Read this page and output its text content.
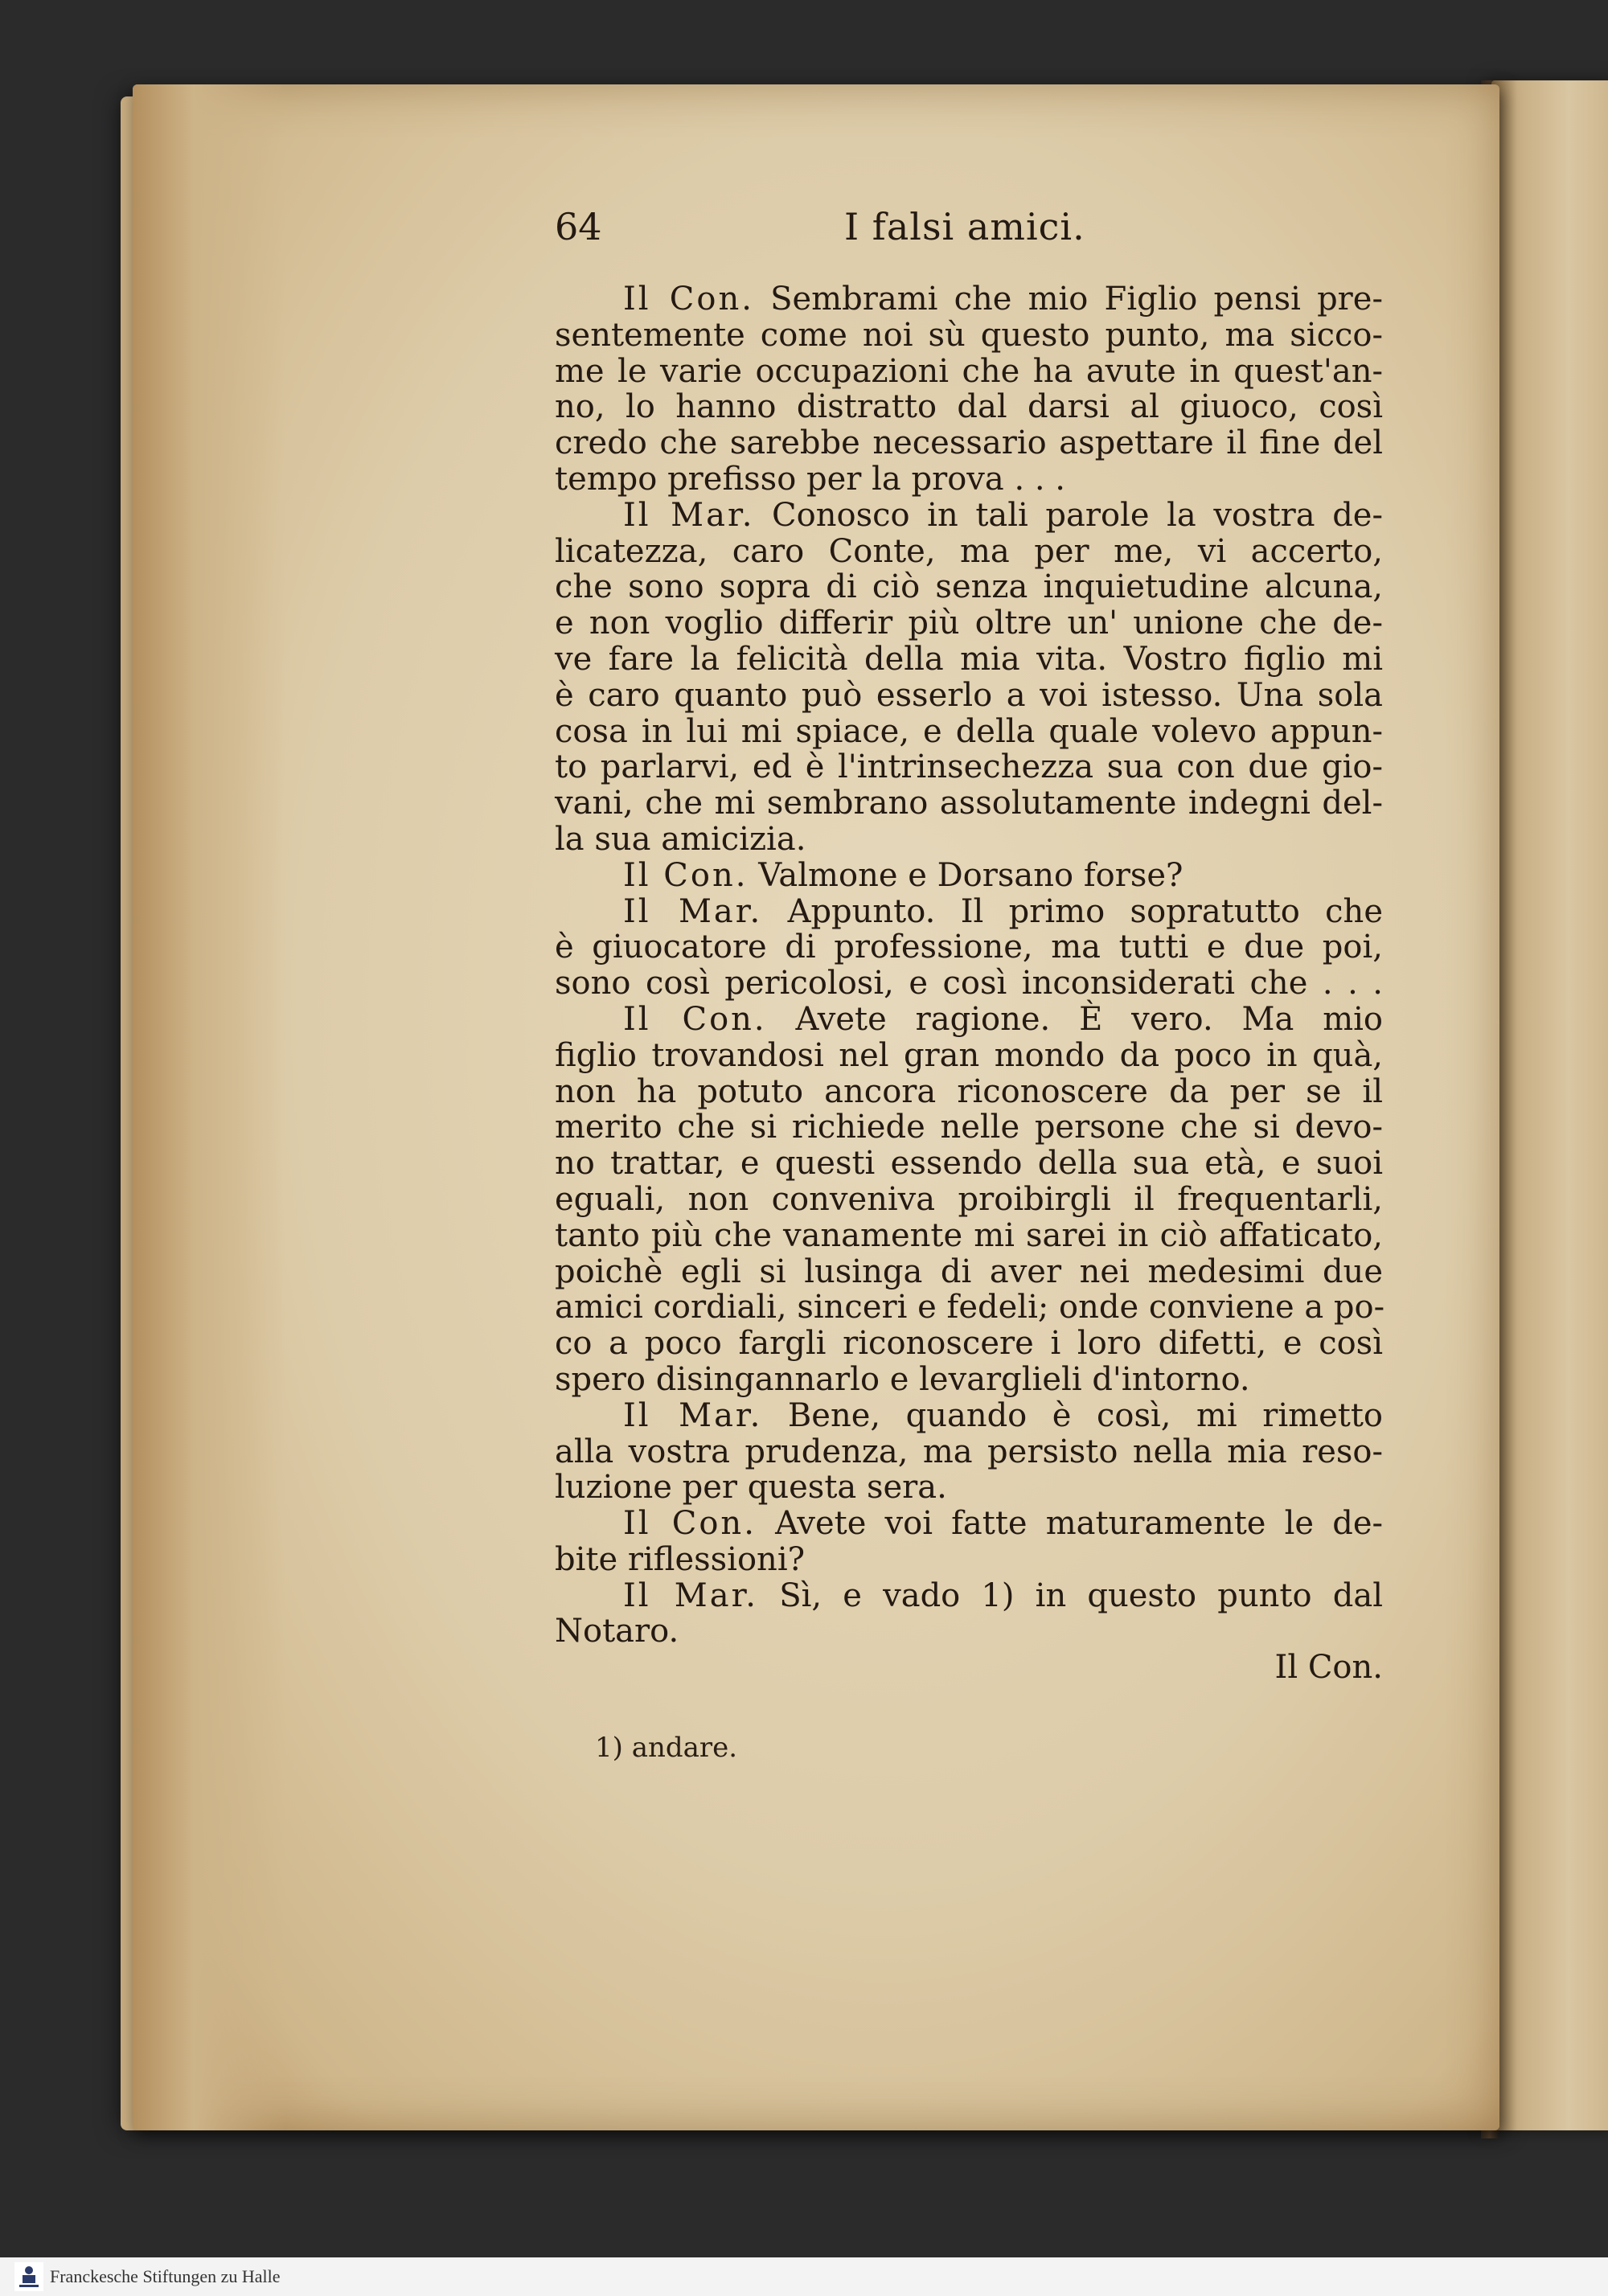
64	I falsi amici.
Il Con. Sembrami che mio Figlio pensi pre-
sentemente come noi sù questo punto, ma sicco-
me le varie occupazioni che ha avute in quest'an-
no, lo hanno distratto dal darsi al giuoco, così
credo che sarebbe necessario aspettare il fine del
tempo prefisso per la prova . . .
Il Mar. Conosco in tali parole la vostra de-
licatezza, caro Conte, ma per me, vi accerto,
che sono sopra di ciò senza inquietudine alcuna,
e non voglio differir più oltre un' unione che de-
ve fare la felicità della mia vita. Vostro figlio mi
è caro quanto può esserlo a voi istesso. Una sola
cosa in lui mi spiace, e della quale volevo appun-
to parlarvi, ed è l'intrinsechezza sua con due gio-
vani, che mi sembrano assolutamente indegni del-
la sua amicizia.
Il Con. Valmone e Dorsano forse?
Il Mar. Appunto. Il primo sopratutto che
è giuocatore di professione, ma tutti e due poi,
sono così pericolosi, e così inconsiderati che . . .
Il Con. Avete ragione. È vero. Ma mio
figlio trovandosi nel gran mondo da poco in quà,
non ha potuto ancora riconoscere da per se il
merito che si richiede nelle persone che si devo-
no trattar, e questi essendo della sua età, e suoi
eguali, non conveniva proibirgli il frequentarli,
tanto più che vanamente mi sarei in ciò affaticato,
poichè egli si lusinga di aver nei medesimi due
amici cordiali, sinceri e fedeli; onde conviene a po-
co a poco fargli riconoscere i loro difetti, e così
spero disingannarlo e levarglieli d'intorno.
Il Mar. Bene, quando è così, mi rimetto
alla vostra prudenza, ma persisto nella mia reso-
luzione per questa sera.
Il Con. Avete voi fatte maturamente le de-
bite riflessioni?
Il Mar. Sì, e vado 1) in questo punto dal
Notaro.
Il Con.
1) andare.
Franckesche Stiftungen zu Halle
